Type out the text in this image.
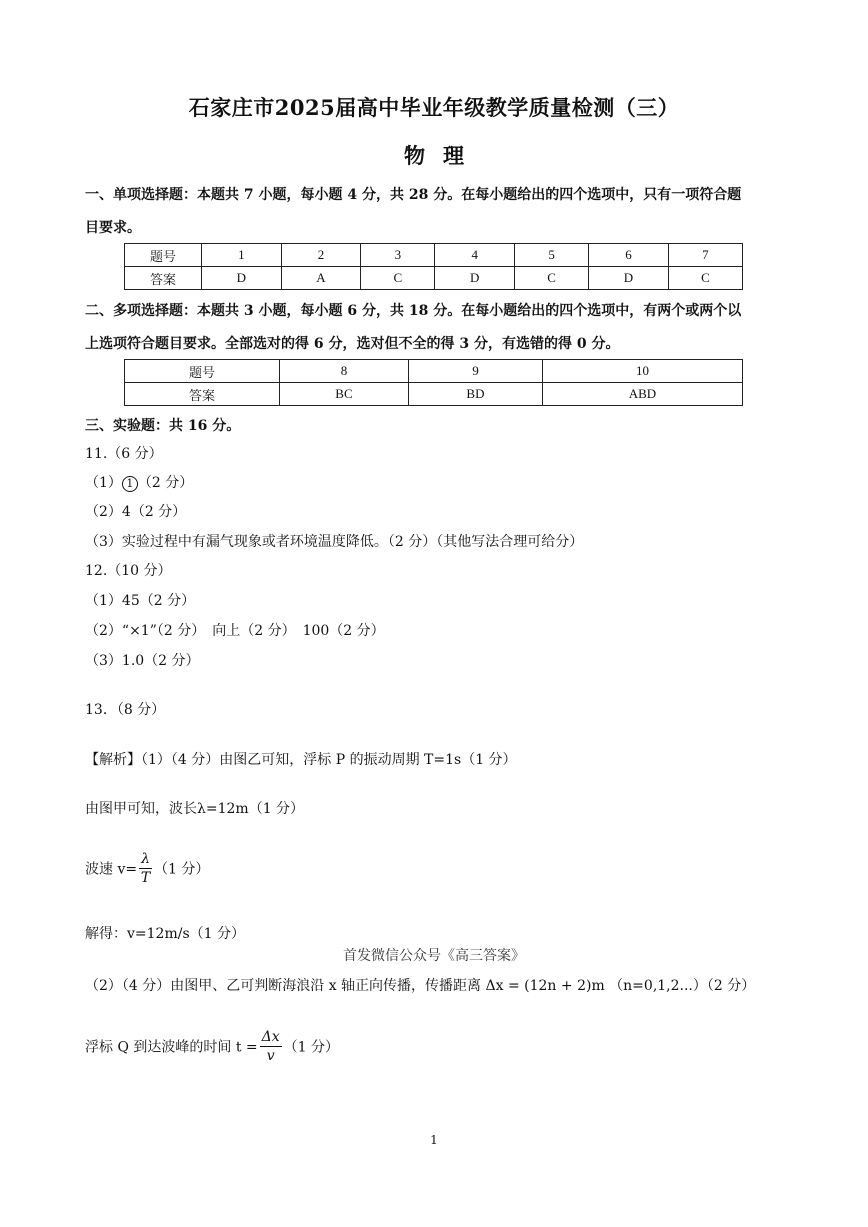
石家庄市2025届高中毕业年级教学质量检测（三）
物理
一、单项选择题：本题共 7 小题，每小题 4 分，共 28 分。在每小题给出的四个选项中，只有一项符合题
目要求。
题号	1	2	3	4	5	6	7
答案	D	A	C	D	C	D	C
二、多项选择题：本题共 3 小题，每小题 6 分，共 18 分。在每小题给出的四个选项中，有两个或两个以
上选项符合题目要求。全部选对的得 6 分，选对但不全的得 3 分，有选错的得 0 分。
题号	8	9	10
答案	BC	BD	ABD
三、实验题：共 16 分。
11.（6 分）
（1） 1 （2 分）
（2）4（2 分）
（3）实验过程中有漏气现象或者环境温度降低。（2 分）（其他写法合理可给分）
12.（10 分）
（1）45（2 分）
（2）“×1”（2 分）　向上（2 分）　100（2 分）
（3）1.0（2 分）
13．（8 分）
【解析】（1）（4 分）由图乙可知，浮标 P 的振动周期 T=1s（1 分）
由图甲可知，波长λ=12m（1 分）
波速 $v= \frac{\lambda}{T} (1$ 分）
解得：v=12m/s（1 分）
首发微信公众号《高三答案》
（2）（4 分）由图甲、乙可判断海浪沿 x 轴正向传播，传播距离 Δx = (12n + 2)m （n=0,1,2...）（2 分）
浮标 Q 到达波峰的时间 $t = \frac{\Delta x}{v} (1$ 分）
1
